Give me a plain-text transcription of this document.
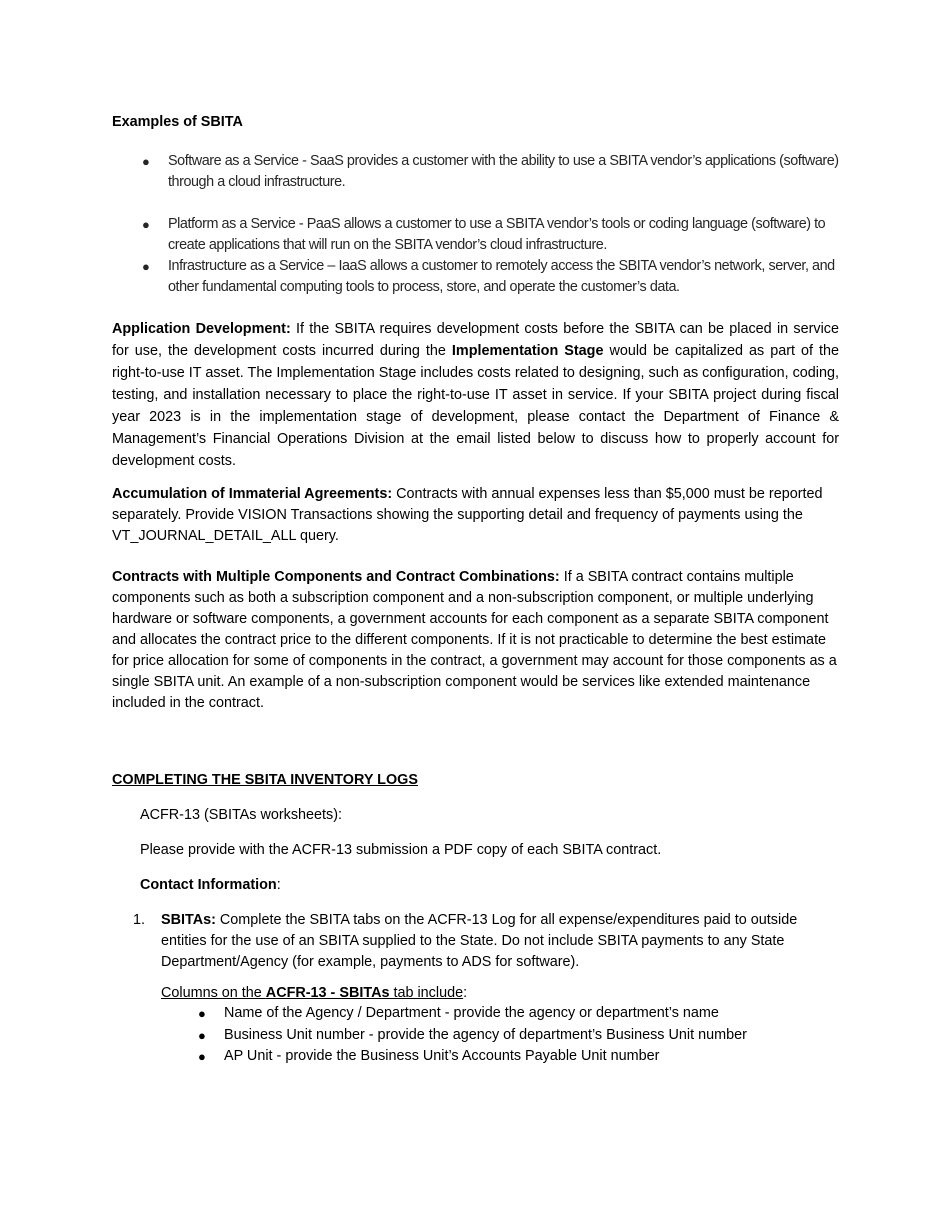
Examples of SBITA

● Software as a Service - SaaS provides a customer with the ability to use a SBITA vendor’s applications (software) through a cloud infrastructure.
● Platform as a Service - PaaS allows a customer to use a SBITA vendor’s tools or coding language (software) to create applications that will run on the SBITA vendor’s cloud infrastructure.
● Infrastructure as a Service – IaaS allows a customer to remotely access the SBITA vendor’s network, server, and other fundamental computing tools to process, store, and operate the customer’s data.

Application Development: If the SBITA requires development costs before the SBITA can be placed in service for use, the development costs incurred during the Implementation Stage would be capitalized as part of the right-to-use IT asset. The Implementation Stage includes costs related to designing, such as configuration, coding, testing, and installation necessary to place the right-to-use IT asset in service. If your SBITA project during fiscal year 2023 is in the implementation stage of development, please contact the Department of Finance & Management’s Financial Operations Division at the email listed below to discuss how to properly account for development costs.

Accumulation of Immaterial Agreements: Contracts with annual expenses less than $5,000 must be reported separately. Provide VISION Transactions showing the supporting detail and frequency of payments using the VT_JOURNAL_DETAIL_ALL query.

Contracts with Multiple Components and Contract Combinations: If a SBITA contract contains multiple components such as both a subscription component and a non-subscription component, or multiple underlying hardware or software components, a government accounts for each component as a separate SBITA component and allocates the contract price to the different components. If it is not practicable to determine the best estimate for price allocation for some of components in the contract, a government may account for those components as a single SBITA unit. An example of a non-subscription component would be services like extended maintenance included in the contract.

COMPLETING THE SBITA INVENTORY LOGS

ACFR-13 (SBITAs worksheets):

Please provide with the ACFR-13 submission a PDF copy of each SBITA contract.

Contact Information:

1. SBITAs: Complete the SBITA tabs on the ACFR-13 Log for all expense/expenditures paid to outside entities for the use of an SBITA supplied to the State. Do not include SBITA payments to any State Department/Agency (for example, payments to ADS for software).

Columns on the ACFR-13 - SBITAs tab include:

● Name of the Agency / Department - provide the agency or department’s name
● Business Unit number - provide the agency of department’s Business Unit number
● AP Unit - provide the Business Unit’s Accounts Payable Unit number
